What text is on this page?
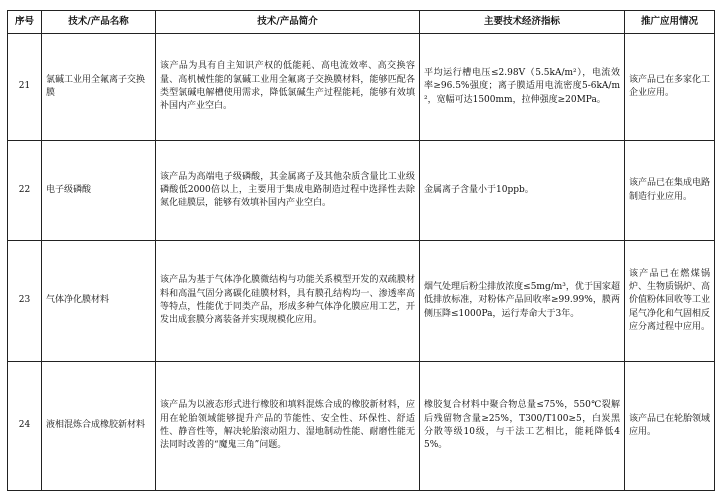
序号	技术/产品名称	技术/产品简介	主要技术经济指标	推广应用情况
21	氯碱工业用全氟离子交换膜	该产品为具有自主知识产权的低能耗、高电流效率、高交换容量、高机械性能的氯碱工业用全氟离子交换膜材料，能够匹配各类型氯碱电解槽使用需求，降低氯碱生产过程能耗，能够有效填补国内产业空白。	平均运行槽电压≤2.98V（5.5kA/m²），电流效率≥96.5%强度；离子膜适用电流密度5-6kA/m²，宽幅可达1500mm，拉伸强度≥20MPa。	该产品已在多家化工企业应用。
22	电子级磷酸	该产品为高端电子级磷酸，其金属离子及其他杂质含量比工业级磷酸低2000倍以上，主要用于集成电路制造过程中选择性去除氮化硅膜层，能够有效填补国内产业空白。	金属离子含量小于10ppb。	该产品已在集成电路制造行业应用。
23	气体净化膜材料	该产品为基于气体净化膜微结构与功能关系模型开发的双疏膜材料和高温气固分离碳化硅膜材料，具有膜孔结构均一、渗透率高等特点，性能优于同类产品，形成多种气体净化膜应用工艺，开发出成套膜分离装备并实现规模化应用。	烟气处理后粉尘排放浓度≤5mg/m³，优于国家超低排放标准，对粉体产品回收率≥99.99%，膜两侧压降≤1000Pa，运行寿命大于3年。	该产品已在燃煤锅炉、生物质锅炉、高价值粉体回收等工业尾气净化和气固相反应分离过程中应用。
24	液相混炼合成橡胶新材料	该产品为以液态形式进行橡胶和填料混炼合成的橡胶新材料，应用在轮胎领域能够提升产品的节能性、安全性、环保性、舒适性、静音性等，解决轮胎滚动阻力、湿地制动性能、耐磨性能无法同时改善的“魔鬼三角”问题。	橡胶复合材料中聚合物总量≤75%，550℃裂解后残留物含量≥25%，T300/T100≥5，白炭黑分散等级10级，与干法工艺相比，能耗降低45%。	该产品已在轮胎领域应用。
